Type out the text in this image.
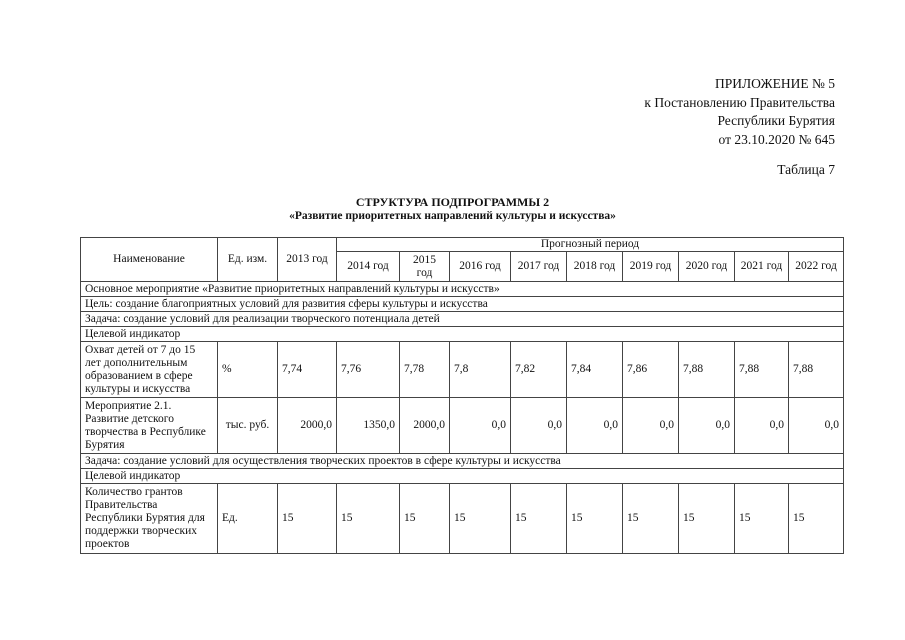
ПРИЛОЖЕНИЕ № 5
к Постановлению Правительства
Республики Бурятия
от 23.10.2020 № 645
Таблица 7
СТРУКТУРА ПОДПРОГРАММЫ 2
«Развитие приоритетных направлений культуры и искусства»
Наименование	Ед. изм.	2013 год	Прогнозный период								
			2014 год	2015 год	2016 год	2017 год	2018 год	2019 год	2020 год	2021 год	2022 год
Основное мероприятие «Развитие приоритетных направлений культуры и искусств»											
Цель: создание благоприятных условий для развития сферы культуры и искусства											
Задача: создание условий для реализации творческого потенциала детей											
Целевой индикатор											
Охват детей от 7 до 15 лет дополнительным образованием в сфере культуры и искусства	%	7,74	7,76	7,78	7,8	7,82	7,84	7,86	7,88	7,88	7,88
Мероприятие 2.1. Развитие детского творчества в Республике Бурятия	тыс. руб.	2000,0	1350,0	2000,0	0,0	0,0	0,0	0,0	0,0	0,0	0,0
Задача: создание условий для осуществления творческих проектов в сфере культуры и искусства											
Целевой индикатор											
Количество грантов Правительства Республики Бурятия для поддержки творческих проектов	Ед.	15	15	15	15	15	15	15	15	15	15
